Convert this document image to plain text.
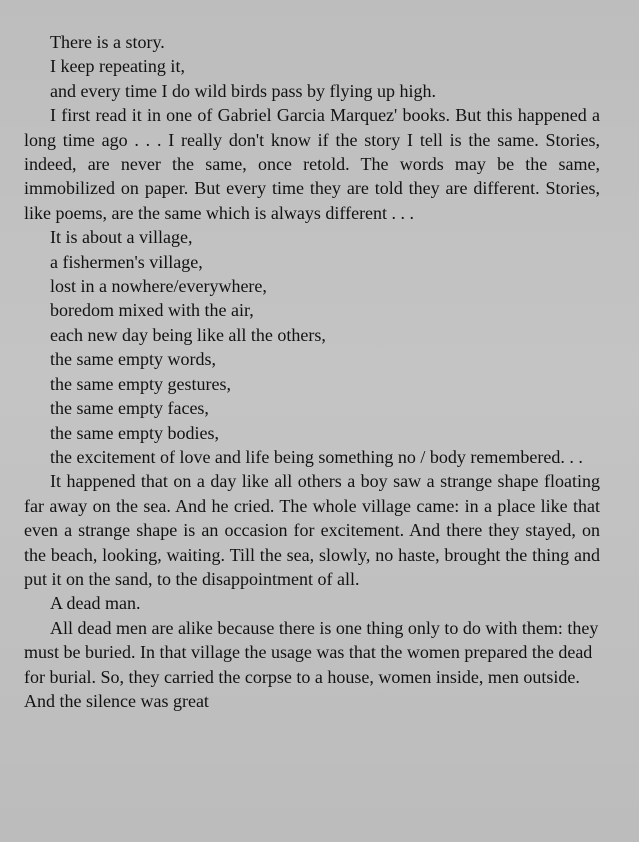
There is a story.

I keep repeating it,

and every time I do wild birds pass by flying up high.

I first read it in one of Gabriel Garcia Marquez' books. But this happened a long time ago . . . I really don't know if the story I tell is the same. Stories, indeed, are never the same, once retold. The words may be the same, immobilized on paper. But every time they are told they are different. Stories, like poems, are the same which is always different . . .

It is about a village,

a fishermen's village,

lost in a nowhere/everywhere,

boredom mixed with the air,

each new day being like all the others,

the same empty words,

the same empty gestures,

the same empty faces,

the same empty bodies,

the excitement of love and life being something no / body remembered. . .

It happened that on a day like all others a boy saw a strange shape floating far away on the sea. And he cried. The whole village came: in a place like that even a strange shape is an occasion for excitement. And there they stayed, on the beach, looking, waiting. Till the sea, slowly, no haste, brought the thing and put it on the sand, to the disappointment of all.

A dead man.

All dead men are alike because there is one thing only to do with them: they must be buried. In that village the usage was that the women prepared the dead for burial. So, they carried the corpse to a house, women inside, men outside. And the silence was great
